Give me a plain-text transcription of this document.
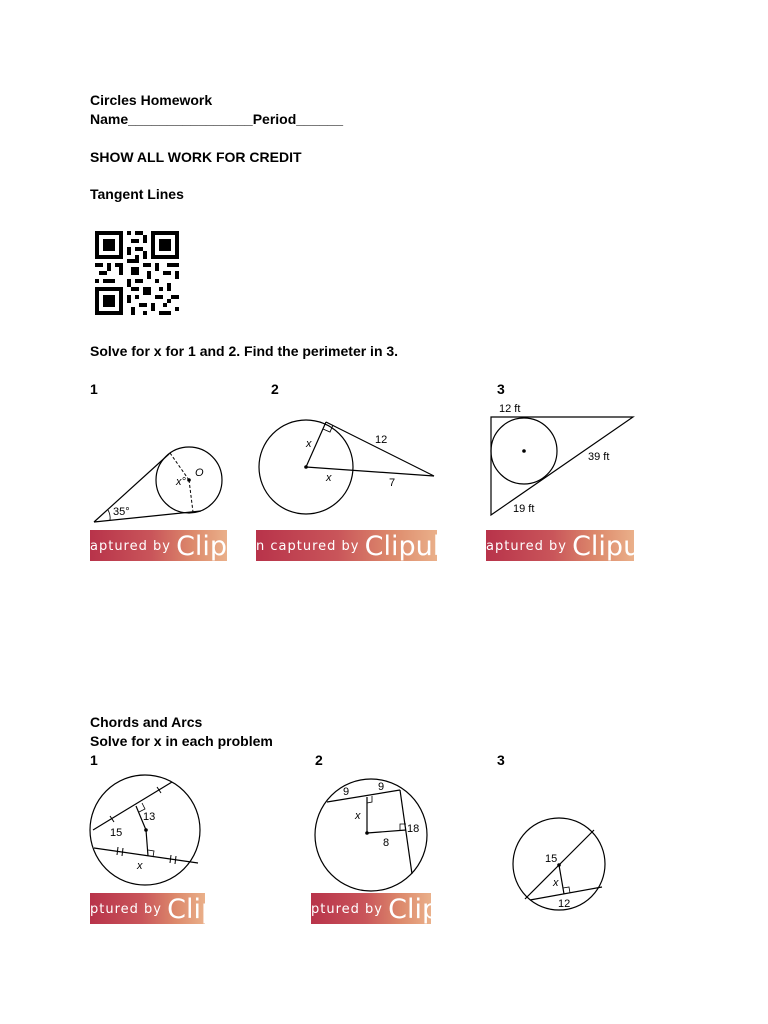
Circles Homework
Name________________Period______
SHOW ALL WORK FOR CREDIT
Tangent Lines
Solve for x for 1 and 2. Find the perimeter in 3.
1	2	3
x°
O
35°
x
x
12
7
12 ft
39 ft
19 ft
aptured by Clipu n captured by Clipulo aptured by Clipu
Chords and Arcs
Solve for x in each problem
1	2	3
15
13
x
9	9
x
18
8
15
x
12
ptured by Clip	ptured by Clip
